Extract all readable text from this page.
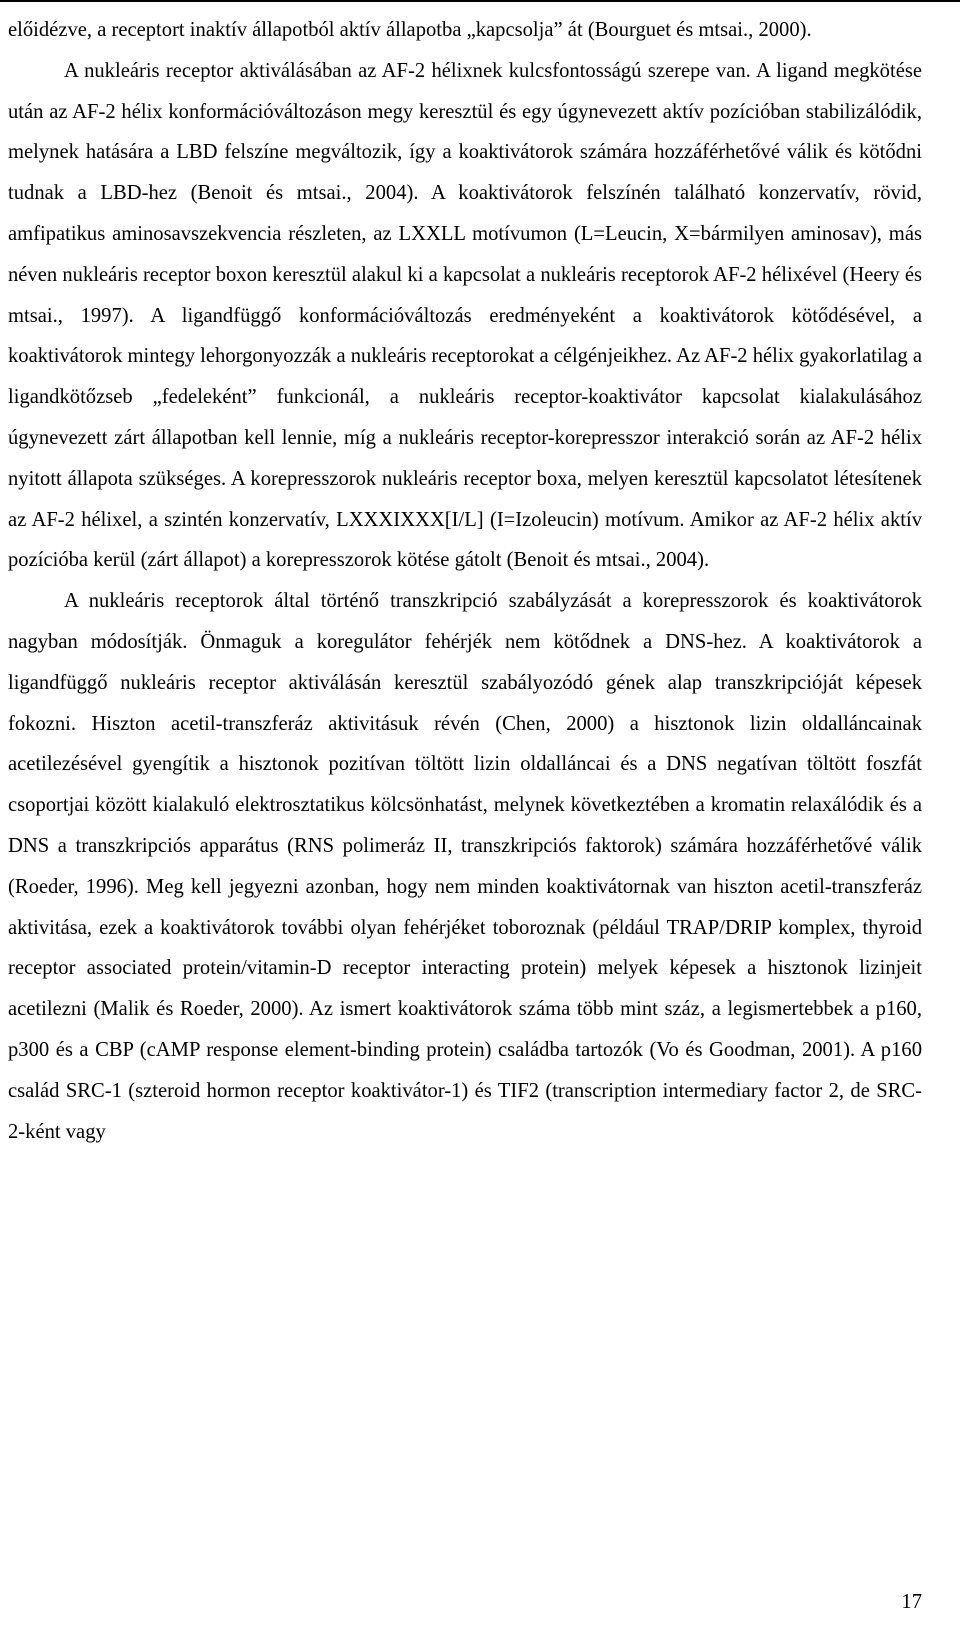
előidézve, a receptort inaktív állapotból aktív állapotba „kapcsolja” át (Bourguet és mtsai., 2000).

A nukleáris receptor aktiválásában az AF-2 hélixnek kulcsfontosságú szerepe van. A ligand megkötése után az AF-2 hélix konformációváltozáson megy keresztül és egy úgynevezett aktív pozícióban stabilizálódik, melynek hatására a LBD felszíne megváltozik, így a koaktivátorok számára hozzáférhetővé válik és kötődni tudnak a LBD-hez (Benoit és mtsai., 2004). A koaktivátorok felszínén található konzervatív, rövid, amfipatikus aminosavszekvencia részleten, az LXXLL motívumon (L=Leucin, X=bármilyen aminosav), más néven nukleáris receptor boxon keresztül alakul ki a kapcsolat a nukleáris receptorok AF-2 hélixével (Heery és mtsai., 1997). A ligandfüggő konformációváltozás eredményeként a koaktivátorok kötődésével, a koaktivátorok mintegy lehorgonyozzák a nukleáris receptorokat a célgénjeikhez. Az AF-2 hélix gyakorlatilag a ligandkötőzseb „fedeleként” funkcionál, a nukleáris receptor-koaktivátor kapcsolat kialakulásához úgynevezett zárt állapotban kell lennie, míg a nukleáris receptor-korepresszor interakció során az AF-2 hélix nyitott állapota szükséges. A korepresszorok nukleáris receptor boxa, melyen keresztül kapcsolatot létesítenek az AF-2 hélixel, a szintén konzervatív, LXXXIXXX[I/L] (I=Izoleucin) motívum. Amikor az AF-2 hélix aktív pozícióba kerül (zárt állapot) a korepresszorok kötése gátolt (Benoit és mtsai., 2004).

A nukleáris receptorok által történő transzkripció szabályzását a korepresszorok és koaktivátorok nagyban módosítják. Önmaguk a koregulátor fehérjék nem kötődnek a DNS-hez. A koaktivátorok a ligandfüggő nukleáris receptor aktiválásán keresztül szabályozódó gének alap transzkripcióját képesek fokozni. Hiszton acetil-transzferáz aktivitásuk révén (Chen, 2000) a hisztonok lizin oldalláncainak acetilezésével gyengítik a hisztonok pozitívan töltött lizin oldalláncai és a DNS negatívan töltött foszfát csoportjai között kialakuló elektrosztatikus kölcsönhatást, melynek következtében a kromatin relaxálódik és a DNS a transzkripciós apparátus (RNS polimeráz II, transzkripciós faktorok) számára hozzáférhetővé válik (Roeder, 1996). Meg kell jegyezni azonban, hogy nem minden koaktivátornak van hiszton acetil-transzferáz aktivitása, ezek a koaktivátorok további olyan fehérjéket toboroznak (például TRAP/DRIP komplex, thyroid receptor associated protein/vitamin-D receptor interacting protein) melyek képesek a hisztonok lizinjeit acetilezni (Malik és Roeder, 2000). Az ismert koaktivátorok száma több mint száz, a legismertebbek a p160, p300 és a CBP (cAMP response element-binding protein) családba tartozók (Vo és Goodman, 2001). A p160 család SRC-1 (szteroid hormon receptor koaktivátor-1) és TIF2 (transcription intermediary factor 2, de SRC-2-ként vagy

17
